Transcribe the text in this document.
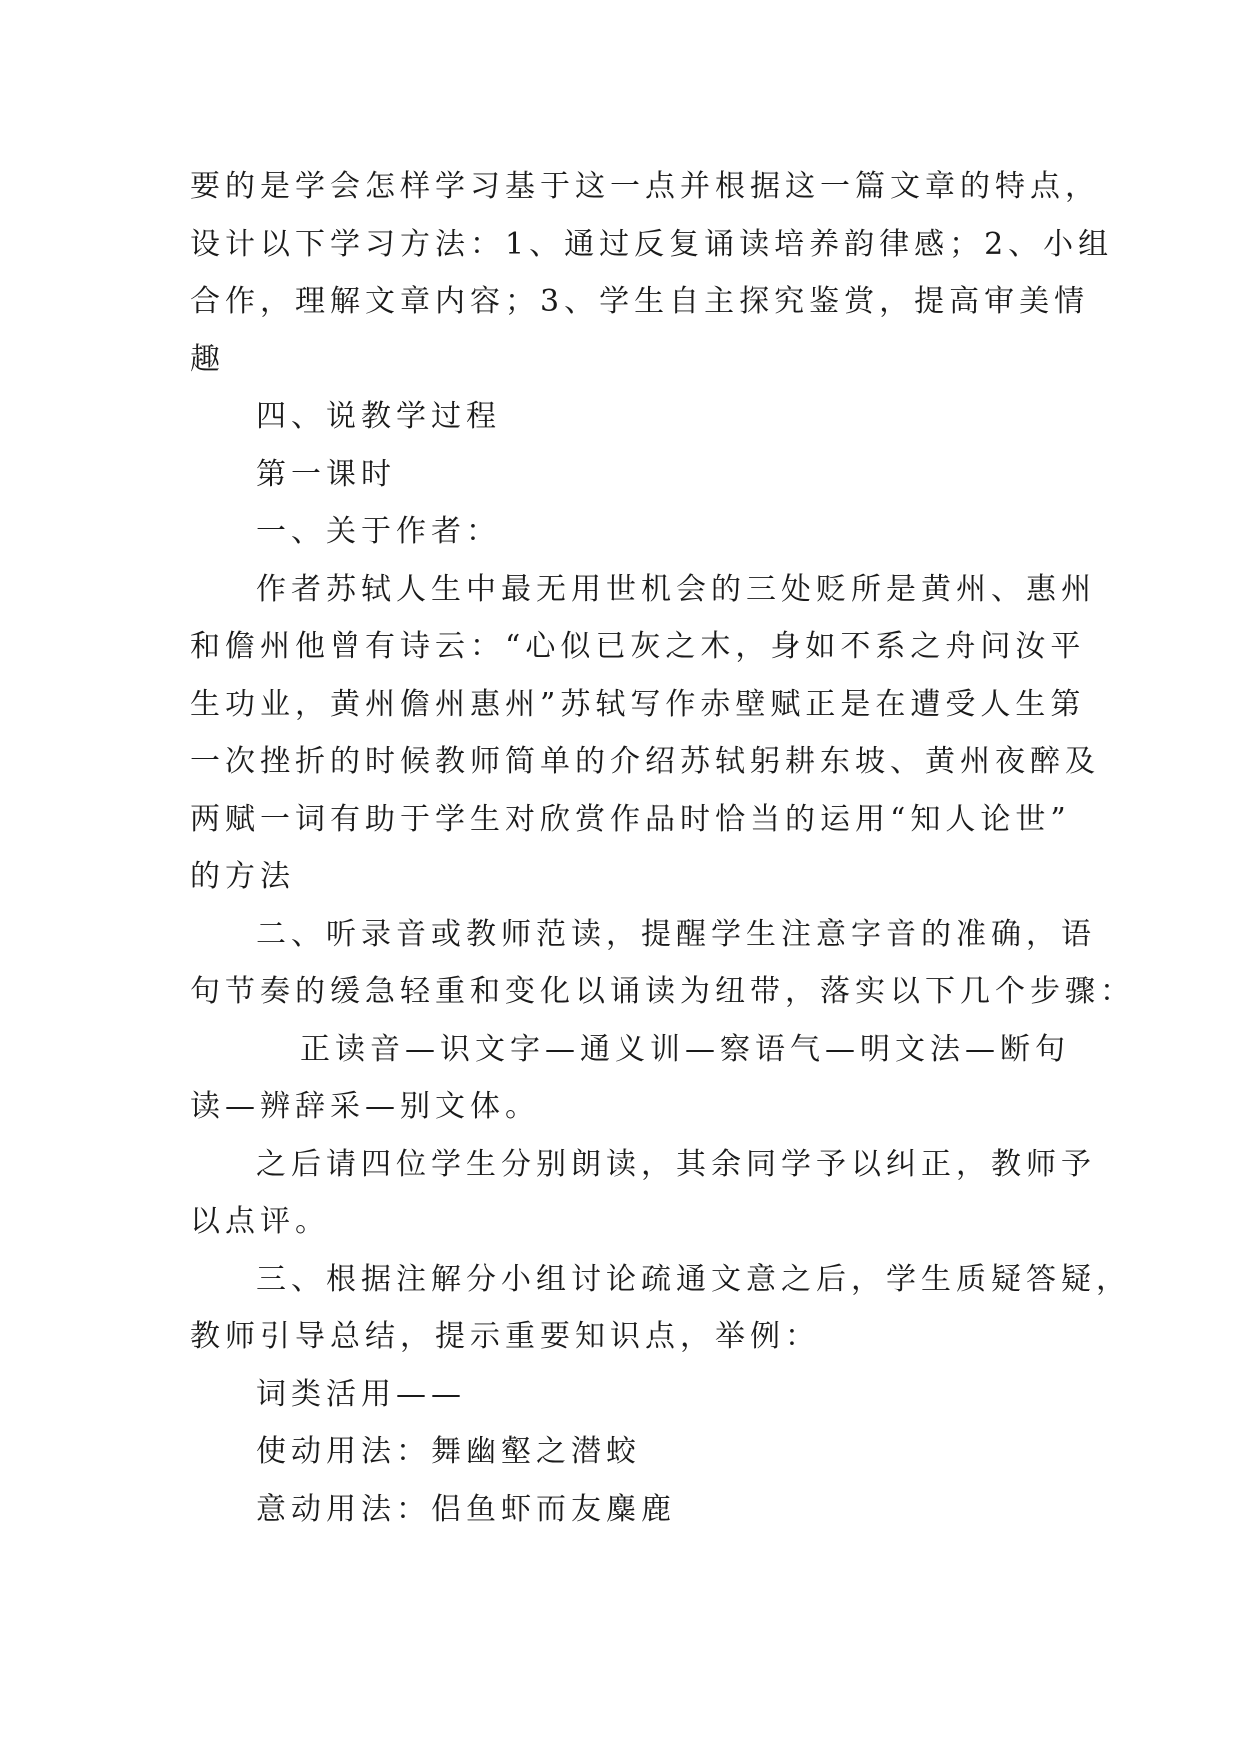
要的是学会怎样学习基于这一点并根据这一篇文章的特点，

设计以下学习方法：1、通过反复诵读培养韵律感；2、小组

合作，理解文章内容；3、学生自主探究鉴赏，提高审美情

趣

四、说教学过程

第一课时

一、关于作者：

作者苏轼人生中最无用世机会的三处贬所是黄州、惠州

和儋州他曾有诗云：“心似已灰之木，身如不系之舟问汝平

生功业，黄州儋州惠州”苏轼写作赤壁赋正是在遭受人生第

一次挫折的时候教师简单的介绍苏轼躬耕东坡、黄州夜醉及

两赋一词有助于学生对欣赏作品时恰当的运用“知人论世”

的方法

二、听录音或教师范读，提醒学生注意字音的准确，语

句节奏的缓急轻重和变化以诵读为纽带，落实以下几个步骤：

正读音—识文字—通义训—察语气—明文法—断句

读—辨辞采—别文体。

之后请四位学生分别朗读，其余同学予以纠正，教师予

以点评。

三、根据注解分小组讨论疏通文意之后，学生质疑答疑，

教师引导总结，提示重要知识点，举例：

词类活用——

使动用法：舞幽壑之潜蛟

意动用法：侣鱼虾而友麋鹿
